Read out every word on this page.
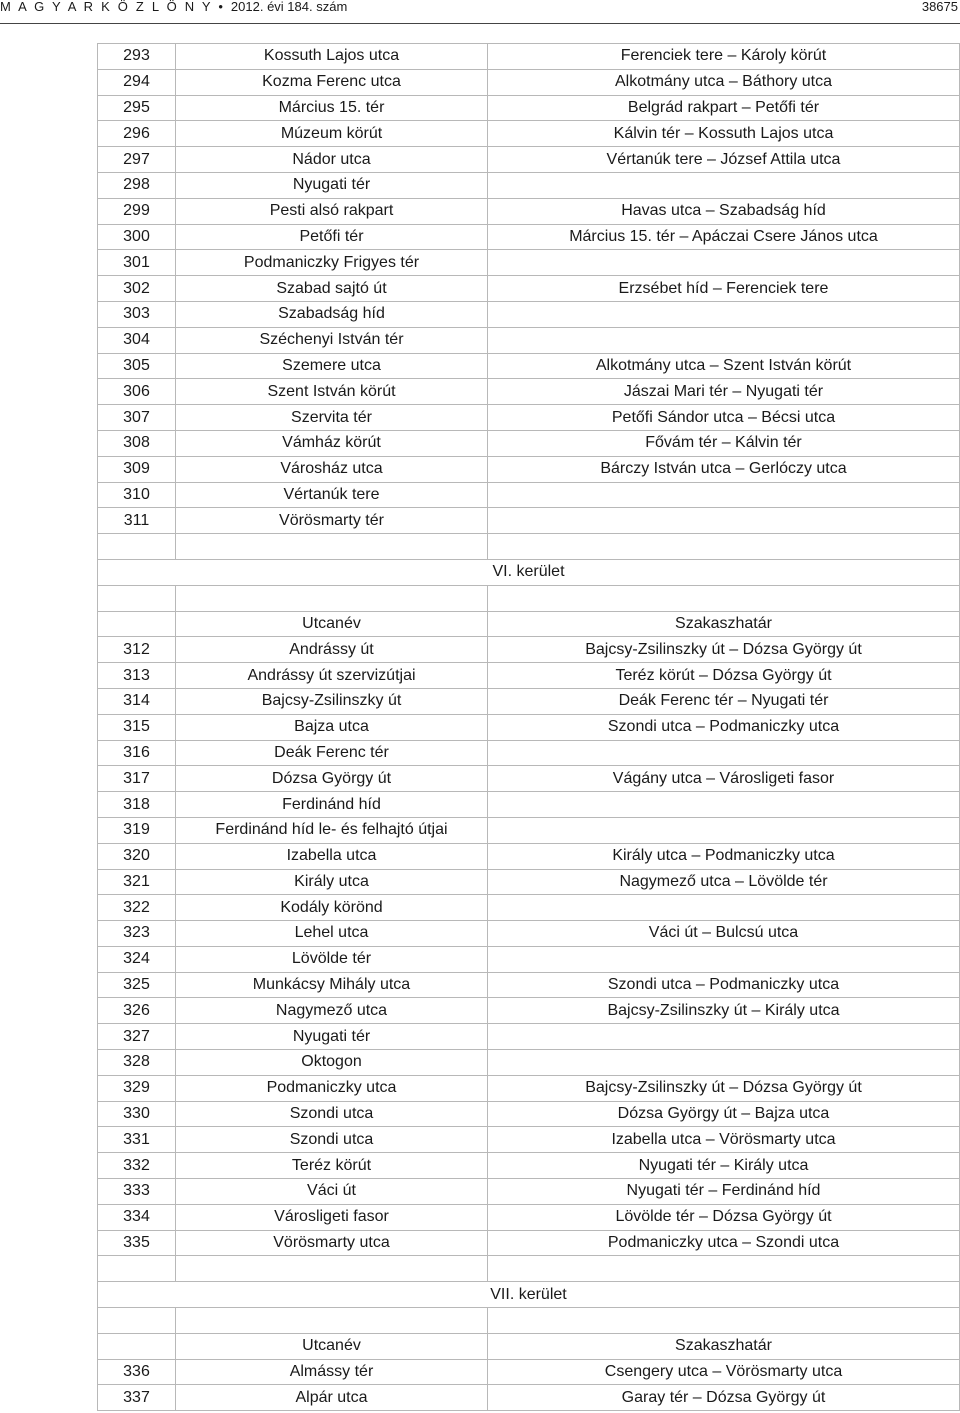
M A G Y A R K Ö Z L Ö N Y • 2012. évi 184. szám	38675
293	Kossuth Lajos utca	Ferenciek tere – Károly körút
294	Kozma Ferenc utca	Alkotmány utca – Báthory utca
295	Március 15. tér	Belgrád rakpart – Petőfi tér
296	Múzeum körút	Kálvin tér – Kossuth Lajos utca
297	Nádor utca	Vértanúk tere – József Attila utca
298	Nyugati tér	
299	Pesti alsó rakpart	Havas utca – Szabadság híd
300	Petőfi tér	Március 15. tér – Apáczai Csere János utca
301	Podmaniczky Frigyes tér	
302	Szabad sajtó út	Erzsébet híd – Ferenciek tere
303	Szabadság híd	
304	Széchenyi István tér	
305	Szemere utca	Alkotmány utca – Szent István körút
306	Szent István körút	Jászai Mari tér – Nyugati tér
307	Szervita tér	Petőfi Sándor utca – Bécsi utca
308	Vámház körút	Fővám tér – Kálvin tér
309	Városház utca	Bárczy István utca – Gerlóczy utca
310	Vértanúk tere	
311	Vörösmarty tér	

VI. kerület		

	Utcanév	Szakaszhatár
312	Andrássy út	Bajcsy-Zsilinszky út – Dózsa György út
313	Andrássy út szervizútjai	Teréz körút – Dózsa György út
314	Bajcsy-Zsilinszky út	Deák Ferenc tér – Nyugati tér
315	Bajza utca	Szondi utca – Podmaniczky utca
316	Deák Ferenc tér	
317	Dózsa György út	Vágány utca – Városligeti fasor
318	Ferdinánd híd	
319	Ferdinánd híd le- és felhajtó útjai	
320	Izabella utca	Király utca – Podmaniczky utca
321	Király utca	Nagymező utca – Lövölde tér
322	Kodály körönd	
323	Lehel utca	Váci út – Bulcsú utca
324	Lövölde tér	
325	Munkácsy Mihály utca	Szondi utca – Podmaniczky utca
326	Nagymező utca	Bajcsy-Zsilinszky út – Király utca
327	Nyugati tér	
328	Oktogon	
329	Podmaniczky utca	Bajcsy-Zsilinszky út – Dózsa György út
330	Szondi utca	Dózsa György út – Bajza utca
331	Szondi utca	Izabella utca – Vörösmarty utca
332	Teréz körút	Nyugati tér – Király utca
333	Váci út	Nyugati tér – Ferdinánd híd
334	Városligeti fasor	Lövölde tér – Dózsa György út
335	Vörösmarty utca	Podmaniczky utca – Szondi utca

VII. kerület		

	Utcanév	Szakaszhatár
336	Almássy tér	Csengery utca – Vörösmarty utca
337	Alpár utca	Garay tér – Dózsa György út
